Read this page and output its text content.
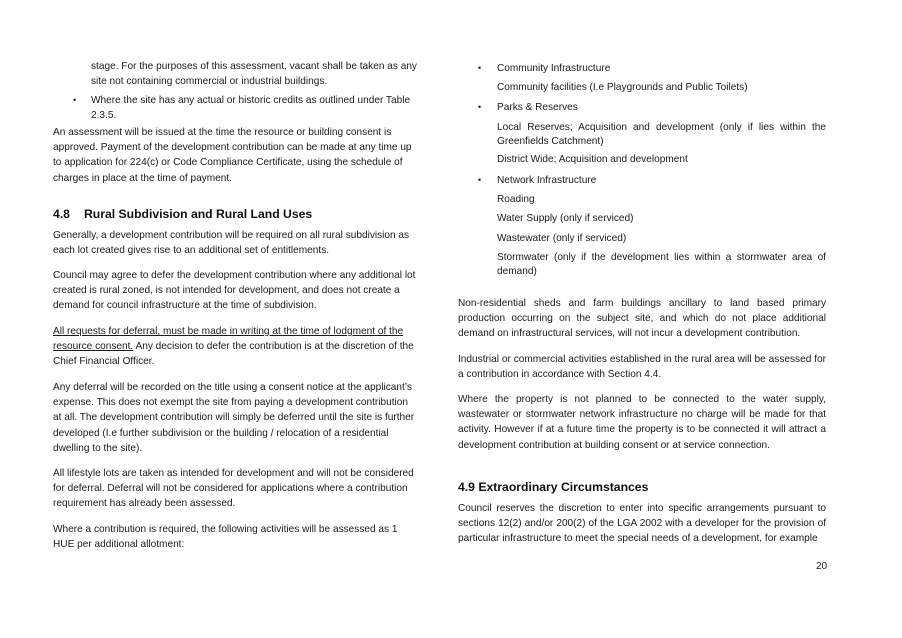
stage. For the purposes of this assessment, vacant shall be taken as any site not containing commercial or industrial buildings.

• Where the site has any actual or historic credits as outlined under Table 2.3.5.

An assessment will be issued at the time the resource or building consent is approved. Payment of the development contribution can be made at any time up to application for 224(c) or Code Compliance Certificate, using the schedule of charges in place at the time of payment.

4.8 Rural Subdivision and Rural Land Uses

Generally, a development contribution will be required on all rural subdivision as each lot created gives rise to an additional set of entitlements.

Council may agree to defer the development contribution where any additional lot created is rural zoned, is not intended for development, and does not create a demand for council infrastructure at the time of subdivision.

All requests for deferral, must be made in writing at the time of lodgment of the resource consent. Any decision to defer the contribution is at the discretion of the Chief Financial Officer.

Any deferral will be recorded on the title using a consent notice at the applicant’s expense. This does not exempt the site from paying a development contribution at all. The development contribution will simply be deferred until the site is further developed (I.e further subdivision or the building / relocation of a residential dwelling to the site).

All lifestyle lots are taken as intended for development and will not be considered for deferral. Deferral will not be considered for applications where a contribution requirement has already been assessed.

Where a contribution is required, the following activities will be assessed as 1 HUE per additional allotment:

• Community Infrastructure
Community facilities (I.e Playgrounds and Public Toilets)
• Parks & Reserves
Local Reserves; Acquisition and development (only if lies within the Greenfields Catchment)
District Wide; Acquisition and development
• Network Infrastructure
Roading
Water Supply (only if serviced)
Wastewater (only if serviced)
Stormwater (only if the development lies within a stormwater area of demand)

Non-residential sheds and farm buildings ancillary to land based primary production occurring on the subject site, and which do not place additional demand on infrastructural services, will not incur a development contribution.

Industrial or commercial activities established in the rural area will be assessed for a contribution in accordance with Section 4.4.

Where the property is not planned to be connected to the water supply, wastewater or stormwater network infrastructure no charge will be made for that activity. However if at a future time the property is to be connected it will attract a development contribution at building consent or at service connection.

4.9 Extraordinary Circumstances

Council reserves the discretion to enter into specific arrangements pursuant to sections 12(2) and/or 200(2) of the LGA 2002 with a developer for the provision of particular infrastructure to meet the special needs of a development, for example

20
